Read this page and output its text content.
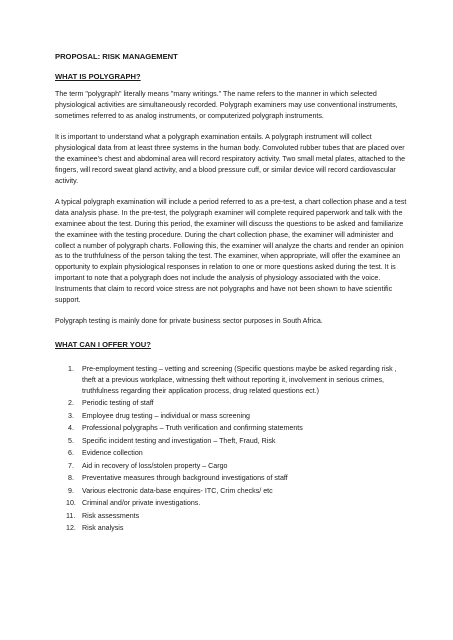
PROPOSAL: RISK MANAGEMENT

WHAT IS POLYGRAPH?

The term "polygraph" literally means "many writings." The name refers to the manner in which selected physiological activities are simultaneously recorded. Polygraph examiners may use conventional instruments, sometimes referred to as analog instruments, or computerized polygraph instruments.

It is important to understand what a polygraph examination entails. A polygraph instrument will collect physiological data from at least three systems in the human body. Convoluted rubber tubes that are placed over the examinee's chest and abdominal area will record respiratory activity. Two small metal plates, attached to the fingers, will record sweat gland activity, and a blood pressure cuff, or similar device will record cardiovascular activity.

A typical polygraph examination will include a period referred to as a pre-test, a chart collection phase and a test data analysis phase. In the pre-test, the polygraph examiner will complete required paperwork and talk with the examinee about the test. During this period, the examiner will discuss the questions to be asked and familiarize the examinee with the testing procedure. During the chart collection phase, the examiner will administer and collect a number of polygraph charts. Following this, the examiner will analyze the charts and render an opinion as to the truthfulness of the person taking the test. The examiner, when appropriate, will offer the examinee an opportunity to explain physiological responses in relation to one or more questions asked during the test. It is important to note that a polygraph does not include the analysis of physiology associated with the voice. Instruments that claim to record voice stress are not polygraphs and have not been shown to have scientific support.

Polygraph testing is mainly done for private business sector purposes in South Africa.

WHAT CAN I OFFER YOU?

1. Pre-employment testing – vetting and screening (Specific questions maybe be asked regarding risk , theft at a previous workplace, witnessing theft without reporting it, involvement in serious crimes, truthfulness regarding their application process, drug related questions ect.)
2. Periodic testing of staff
3. Employee drug testing – individual or mass screening
4. Professional polygraphs – Truth verification and confirming statements
5. Specific incident testing and investigation – Theft, Fraud, Risk
6. Evidence collection
7. Aid in recovery of loss/stolen property – Cargo
8. Preventative measures through background investigations of staff
9. Various electronic data-base enquires- ITC, Crim checks/ etc
10. Criminal and/or private investigations.
11. Risk assessments
12. Risk analysis
